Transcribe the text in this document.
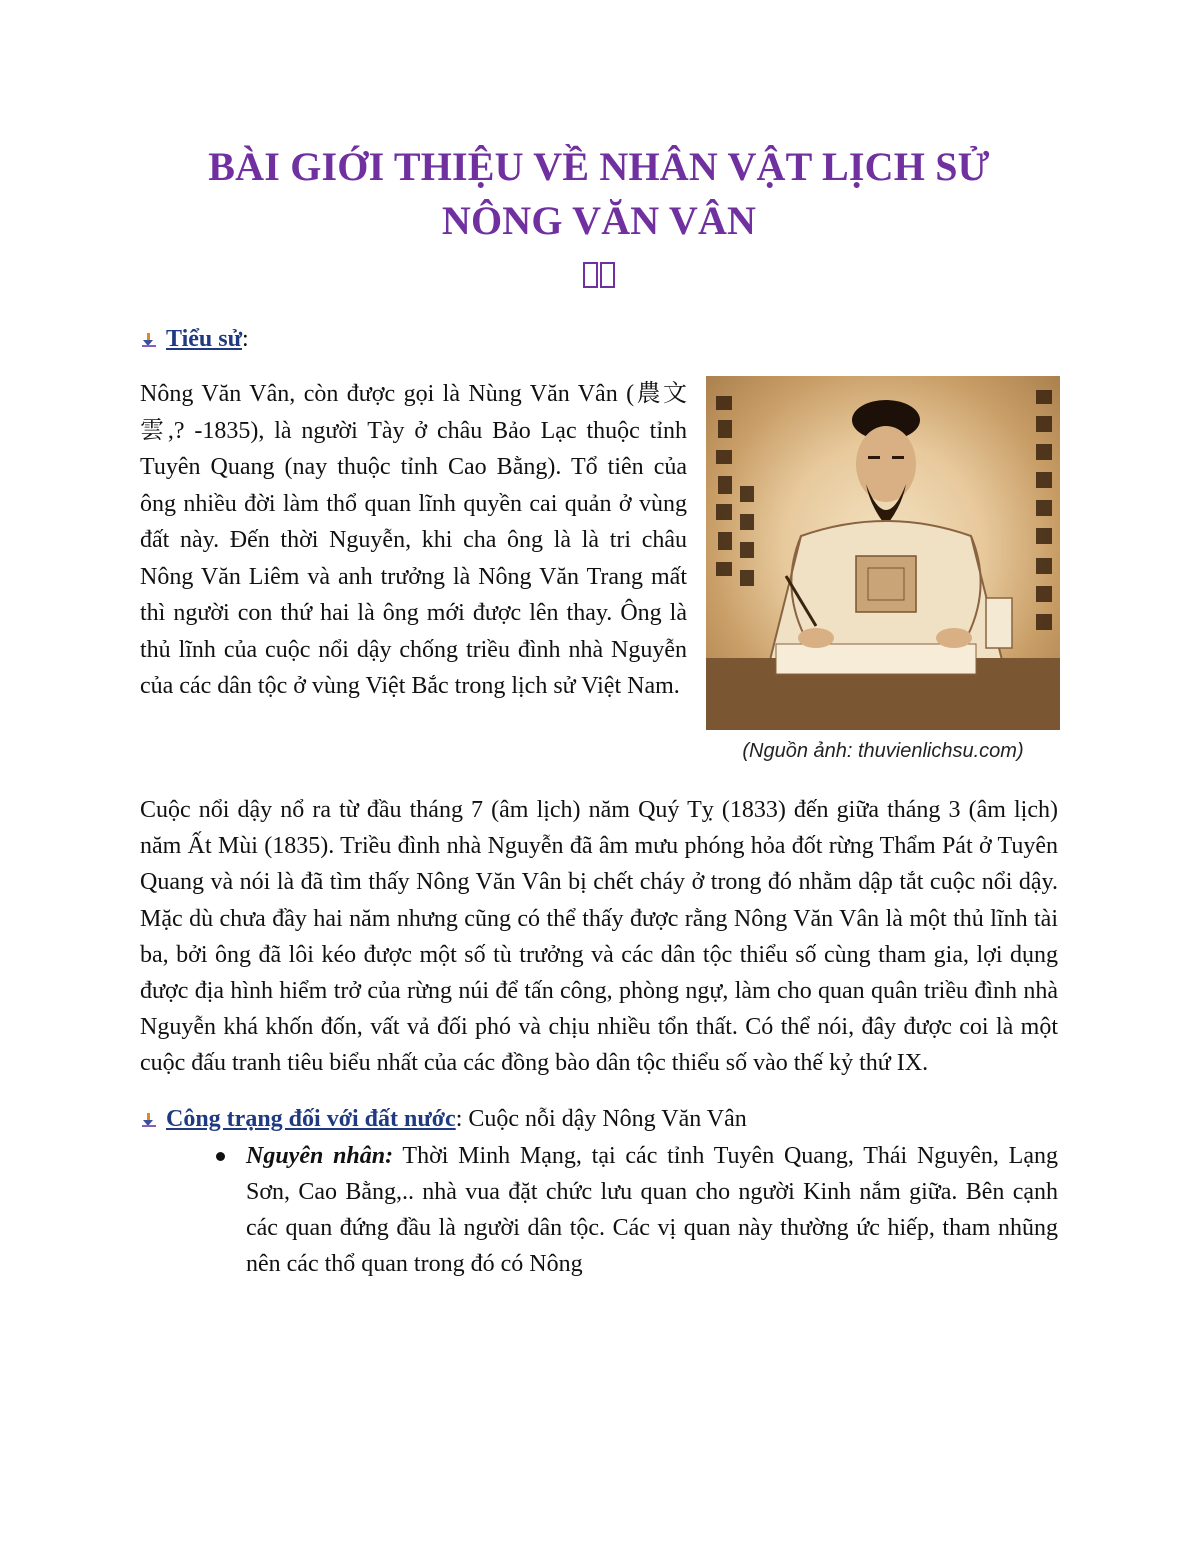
BÀI GIỚI THIỆU VỀ NHÂN VẬT LỊCH SỬ
NÔNG VĂN VÂN
Tiểu sử:

Nông Văn Vân, còn được gọi là Nùng Văn Vân (農文雲,? -1835), là người Tày ở châu Bảo Lạc thuộc tỉnh Tuyên Quang (nay thuộc tỉnh Cao Bằng). Tổ tiên của ông nhiều đời làm thổ quan lĩnh quyền cai quản ở vùng đất này. Đến thời Nguyễn, khi cha ông là là tri châu Nông Văn Liêm và anh trưởng là Nông Văn Trang mất thì người con thứ hai là ông mới được lên thay. Ông là thủ lĩnh của cuộc nổi dậy chống triều đình nhà Nguyễn của các dân tộc ở vùng Việt Bắc trong lịch sử Việt Nam.

(Nguồn ảnh: thuvienlichsu.com)

Cuộc nổi dậy nổ ra từ đầu tháng 7 (âm lịch) năm Quý Tỵ (1833) đến giữa tháng 3 (âm lịch) năm Ất Mùi (1835). Triều đình nhà Nguyễn đã âm mưu phóng hỏa đốt rừng Thẩm Pát ở Tuyên Quang và nói là đã tìm thấy Nông Văn Vân bị chết cháy ở trong đó nhằm dập tắt cuộc nổi dậy. Mặc dù chưa đầy hai năm nhưng cũng có thể thấy được rằng Nông Văn Vân là một thủ lĩnh tài ba, bởi ông đã lôi kéo được một số tù trưởng và các dân tộc thiểu số cùng tham gia, lợi dụng được địa hình hiểm trở của rừng núi để tấn công, phòng ngự, làm cho quan quân triều đình nhà Nguyễn khá khốn đốn, vất vả đối phó và chịu nhiều tổn thất. Có thể nói, đây được coi là một cuộc đấu tranh tiêu biểu nhất của các đồng bào dân tộc thiểu số vào thế kỷ thứ IX.

Công trạng đối với đất nước: Cuộc nỗi dậy Nông Văn Vân
Nguyên nhân: Thời Minh Mạng, tại các tỉnh Tuyên Quang, Thái Nguyên, Lạng Sơn, Cao Bằng,.. nhà vua đặt chức lưu quan cho người Kinh nắm giữa. Bên cạnh các quan đứng đầu là người dân tộc. Các vị quan này thường ức hiếp, tham nhũng nên các thổ quan trong đó có Nông
